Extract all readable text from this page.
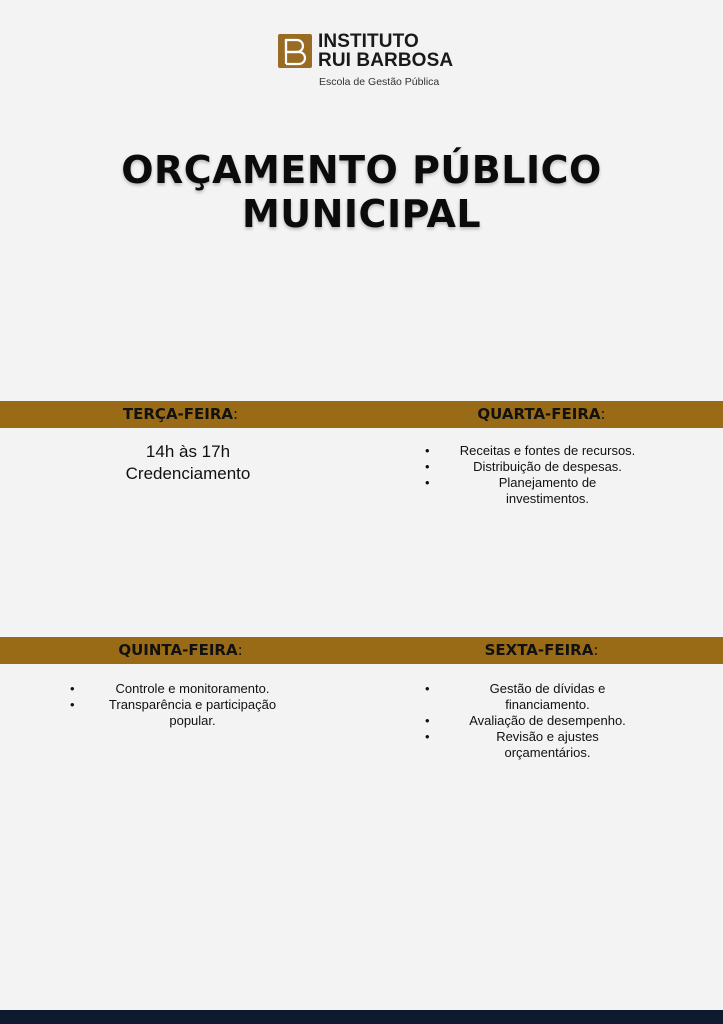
INSTITUTO
RUI BARBOSA
Escola de Gestão Pública
ORÇAMENTO PÚBLICO
MUNICIPAL
TERÇA-FEIRA:	QUARTA-FEIRA:
14h às 17h
Credenciamento
•	Receitas e fontes de recursos.
•	Distribuição de despesas.
•	Planejamento de investimentos.
QUINTA-FEIRA:	SEXTA-FEIRA:
•	Controle e monitoramento.
•	Transparência e participação popular.
•	Gestão de dívidas e financiamento.
•	Avaliação de desempenho.
•	Revisão e ajustes orçamentários.
